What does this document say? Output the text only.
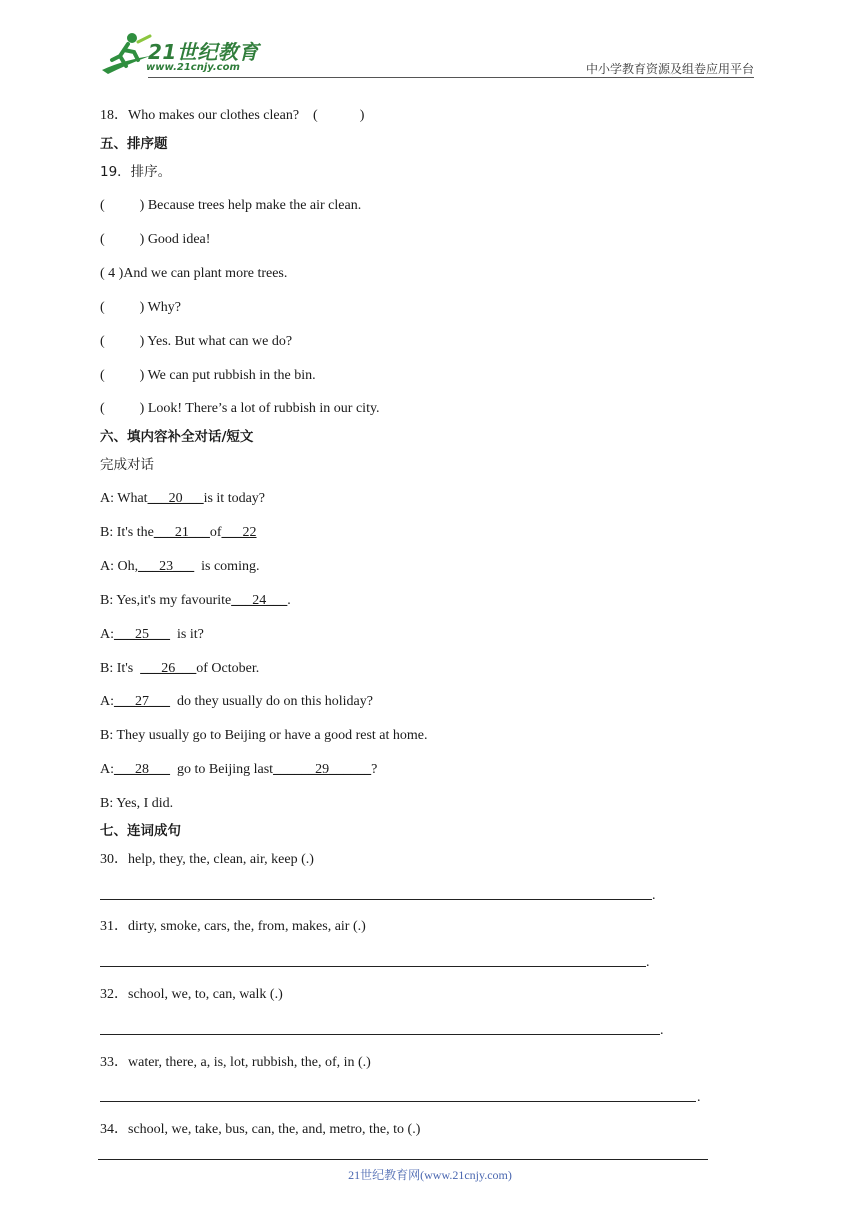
21世纪教育
www.21cnjy.com	中小学教育资源及组卷应用平台
18．Who makes our clothes clean?    (            )
五、排序题
19．排序。
(          ) Because trees help make the air clean.
(          ) Good idea!
( 4 )And we can plant more trees.
(          ) Why?
(          ) Yes. But what can we do?
(          ) We can put rubbish in the bin.
(          ) Look! There’s a lot of rubbish in our city.
六、填内容补全对话/短文
完成对话
A: What___20___is it today?
B: It's the___21___of___22
A: Oh,___23___  is coming.
B: Yes,it's my favourite___24___.
A:___25___  is it?
B: It's  ___26___of October.
A:___27___  do they usually do on this holiday?
B: They usually go to Beijing or have a good rest at home.
A:___28___  go to Beijing last______29______?
B: Yes, I did.
七、连词成句
30．help, they, the, clean, air, keep (.)
.
31．dirty, smoke, cars, the, from, makes, air (.)
.
32．school, we, to, can, walk (.)
.
33．water, there, a, is, lot, rubbish, the, of, in (.)
.
34．school, we, take, bus, can, the, and, metro, the, to (.)
21世纪教育网(www.21cnjy.com)
